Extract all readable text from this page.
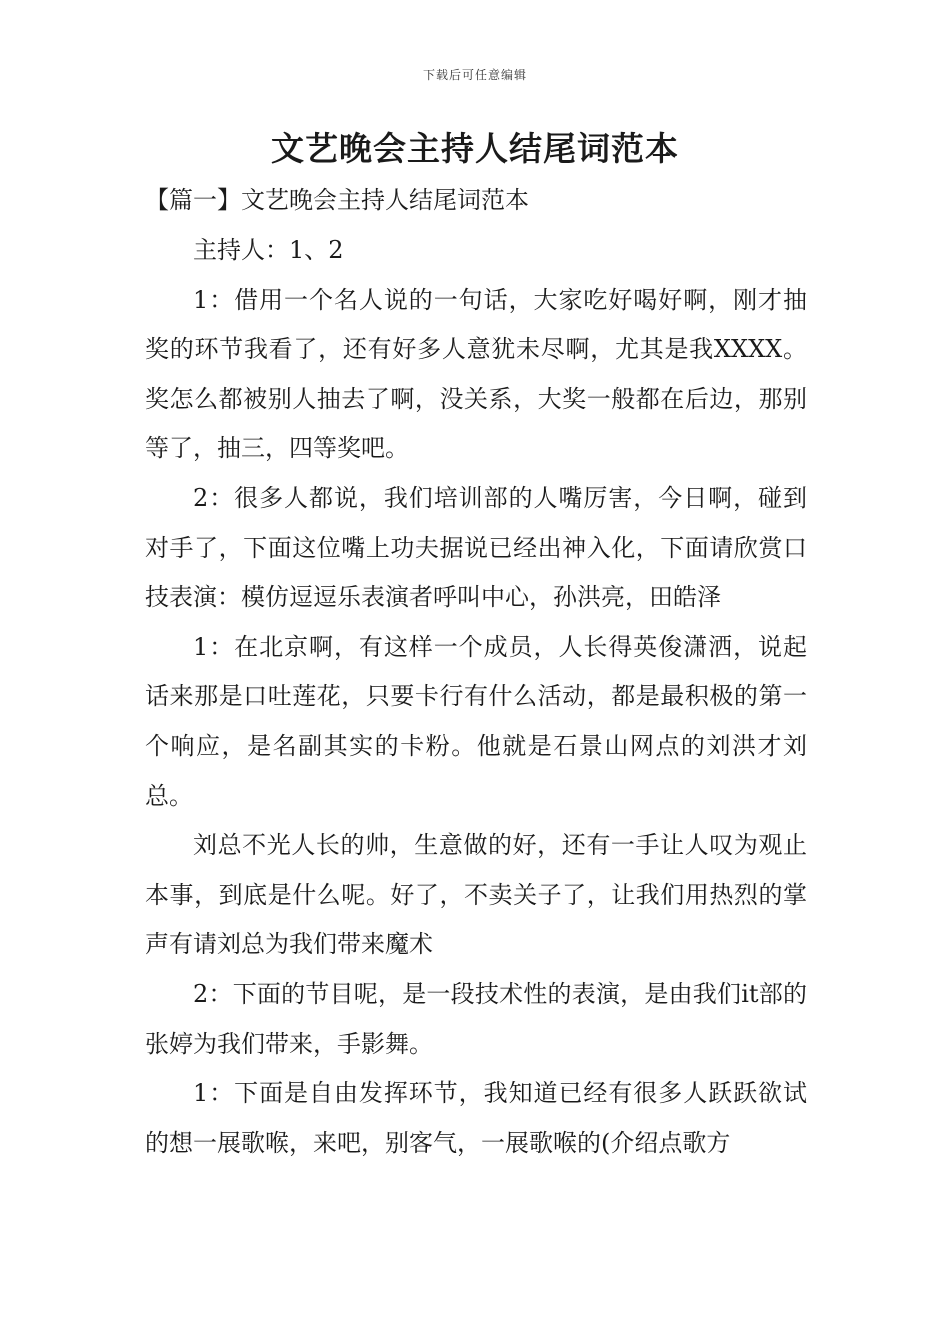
下载后可任意编辑
文艺晚会主持人结尾词范本
【篇一】文艺晚会主持人结尾词范本

主持人：1、2

1：借用一个名人说的一句话，大家吃好喝好啊，刚才抽奖的环节我看了，还有好多人意犹未尽啊，尤其是我XXXX。奖怎么都被别人抽去了啊，没关系，大奖一般都在后边，那别等了，抽三，四等奖吧。

2：很多人都说，我们培训部的人嘴厉害，今日啊，碰到对手了，下面这位嘴上功夫据说已经出神入化，下面请欣赏口技表演：模仿逗逗乐表演者呼叫中心，孙洪亮，田皓泽

1：在北京啊，有这样一个成员，人长得英俊潇洒，说起话来那是口吐莲花，只要卡行有什么活动，都是最积极的第一个响应，是名副其实的卡粉。他就是石景山网点的刘洪才刘总。

刘总不光人长的帅，生意做的好，还有一手让人叹为观止本事，到底是什么呢。好了，不卖关子了，让我们用热烈的掌声有请刘总为我们带来魔术

2：下面的节目呢，是一段技术性的表演，是由我们it部的张婷为我们带来，手影舞。

1：下面是自由发挥环节，我知道已经有很多人跃跃欲试的想一展歌喉，来吧，别客气，一展歌喉的(介绍点歌方
